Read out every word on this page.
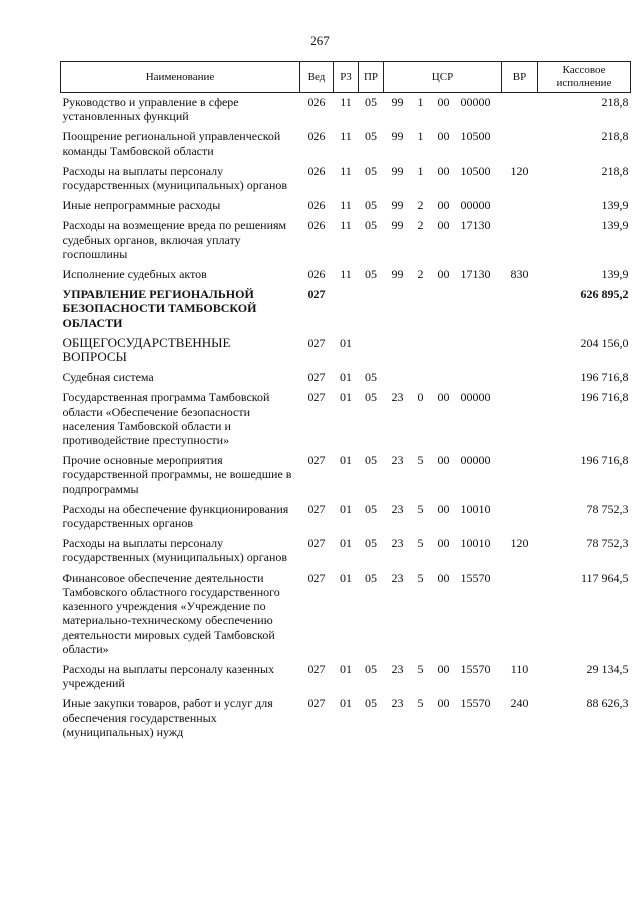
267
Наименование	Вед	Р3	ПР	ЦСР	ВР	Кассовое исполнение
Руководство и управление в сфере установленных функций	026	11	05	99 1 00 00000		218,8
Поощрение региональной управленческой команды Тамбовской области	026	11	05	99 1 00 10500		218,8
Расходы на выплаты персоналу государственных (муниципальных) органов	026	11	05	99 1 00 10500	120	218,8
Иные непрограммные расходы	026	11	05	99 2 00 00000		139,9
Расходы на возмещение вреда по решениям судебных органов, включая уплату госпошлины	026	11	05	99 2 00 17130		139,9
Исполнение судебных актов	026	11	05	99 2 00 17130	830	139,9
УПРАВЛЕНИЕ РЕГИОНАЛЬНОЙ БЕЗОПАСНОСТИ ТАМБОВСКОЙ ОБЛАСТИ	027					626 895,2
ОБЩЕГОСУДАРСТВЕННЫЕ ВОПРОСЫ	027	01				204 156,0
Судебная система	027	01	05			196 716,8
Государственная программа Тамбовской области «Обеспечение безопасности населения Тамбовской области и противодействие преступности»	027	01	05	23 0 00 00000		196 716,8
Прочие основные мероприятия государственной программы, не вошедшие в подпрограммы	027	01	05	23 5 00 00000		196 716,8
Расходы на обеспечение функционирования государственных органов	027	01	05	23 5 00 10010		78 752,3
Расходы на выплаты персоналу государственных (муниципальных) органов	027	01	05	23 5 00 10010	120	78 752,3
Финансовое обеспечение деятельности Тамбовского областного государственного казенного учреждения «Учреждение по материально-техническому обеспечению деятельности мировых судей Тамбовской области»	027	01	05	23 5 00 15570		117 964,5
Расходы на выплаты персоналу казенных учреждений	027	01	05	23 5 00 15570	110	29 134,5
Иные закупки товаров, работ и услуг для обеспечения государственных (муниципальных) нужд	027	01	05	23 5 00 15570	240	88 626,3
